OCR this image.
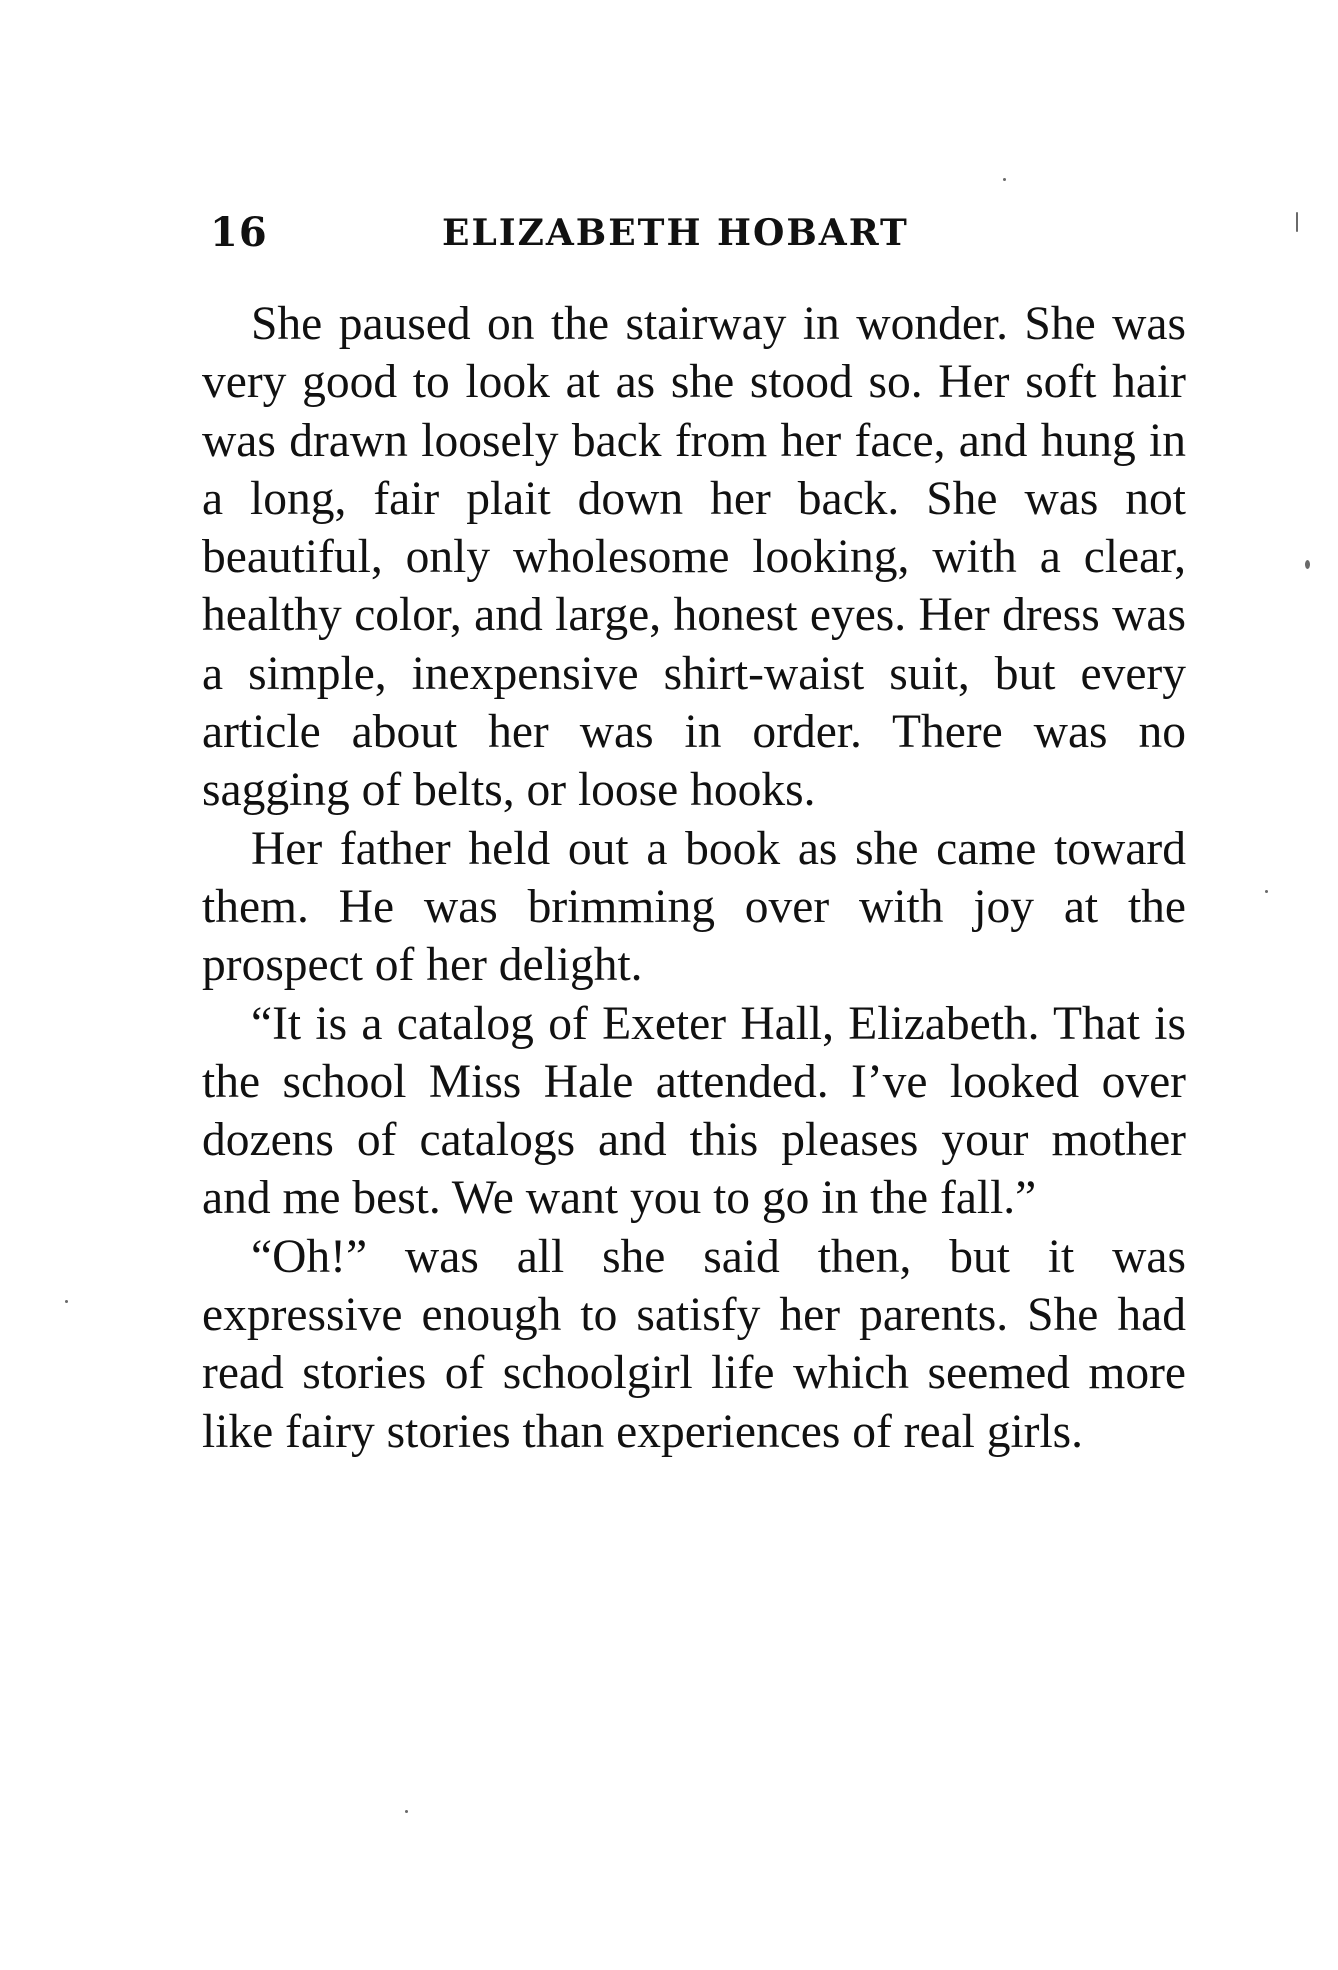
16	ELIZABETH HOBART

She paused on the stairway in wonder. She was very good to look at as she stood so. Her soft hair was drawn loosely back from her face, and hung in a long, fair plait down her back. She was not beautiful, only wholesome looking, with a clear, healthy color, and large, honest eyes. Her dress was a simple, inexpensive shirt-waist suit, but every article about her was in order. There was no sagging of belts, or loose hooks.

Her father held out a book as she came toward them. He was brimming over with joy at the prospect of her delight.

“It is a catalog of Exeter Hall, Elizabeth. That is the school Miss Hale attended. I’ve looked over dozens of catalogs and this pleases your mother and me best. We want you to go in the fall.”

“Oh!” was all she said then, but it was expressive enough to satisfy her parents. She had read stories of schoolgirl life which seemed more like fairy stories than experiences of real girls.
